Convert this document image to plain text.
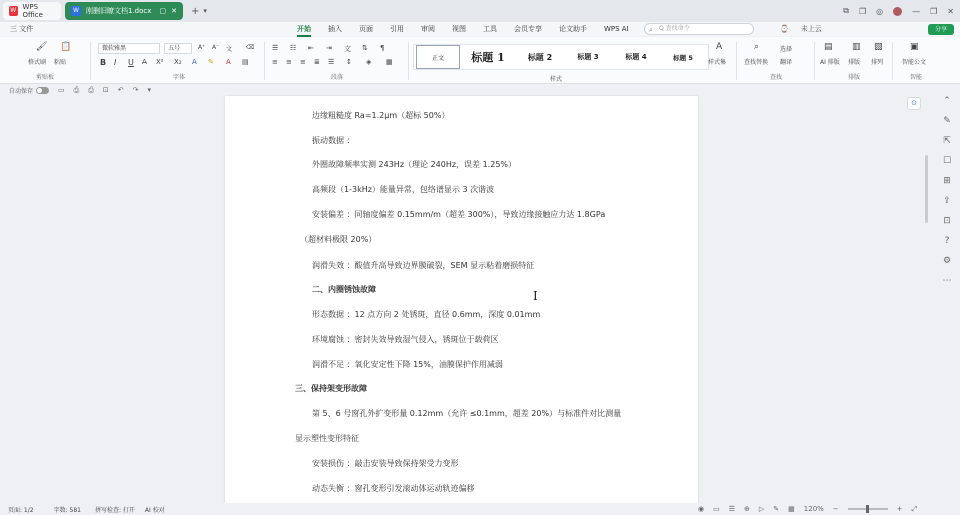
W WPS Office
W 刚删旧瞭文档1.docx ▢ ✕ + ▾	⧉ ❐ ◎	— ❐ ✕
三 文件	开始 插入 页面 引用 审阅 视图 工具 会员专享 论文助手 WPS AI	⌕ Q 查找命令	⌚ 未上云	分享
🖌
格式刷
📋
粘贴
剪贴板
微软雅黑	五号	A⁺ A⁻ 文 ⌫
B I U A̶ X² X₂ A ✎ A ▤
字体
☰ ☷ ⇤ ⇥ 文 ⇅ ¶
≡ ≡ ≡ ≣ ☰ ↕ ◈ ▦
段落
正文	标题 1	标题 2	标题 3	标题 4	标题 5
样式
A
样式集
⌕
查找替换
选择
翻译
查找
▤
AI 排版
▥
排版
▧
排列
排版
▣
智能公文
智能
自动保存	▭ ⎙ ⎙ ⊡ ↶ ↷ ▾
边缘粗糙度 Ra=1.2μm（超标 50%）
振动数据 ：
外圈故障频率实测 243Hz（理论 240Hz，误差 1.25%）
高频段（1-3kHz）能量异常，包络谱显示 3 次谐波
安装偏差 ：同轴度偏差 0.15mm/m（超差 300%），导致边缘接触应力达 1.8GPa
（超材料极限 20%）
润滑失效 ：酸值升高导致边界膜破裂，SEM 显示粘着磨损特征
二、内圈锈蚀故障
形态数据 ：12 点方向 2 处锈斑，直径 0.6mm，深度 0.01mm
环境腐蚀 ：密封失效导致湿气侵入，锈斑位于载荷区
润滑不足 ：氧化安定性下降 15%，油膜保护作用减弱
三、保持架变形故障
第 5、6 号窗孔外扩变形量 0.12mm（允许 ≤0.1mm，超差 20%）与标准件对比测量
显示塑性变形特征
安装损伤 ：敲击安装导致保持架受力变形
动态失衡 ：窗孔变形引发滚动体运动轨迹偏移
I
⊙	⌃
✎
⇱
☐
⊞
⇪
⊡
?
⚙
⋯
页面: 1/2	字数: 581 拼写检查: 打开 AI 校对	◉ ▭ ☰ ⊕ ▷ ✎ ▦ 120% −	+ ⤢
